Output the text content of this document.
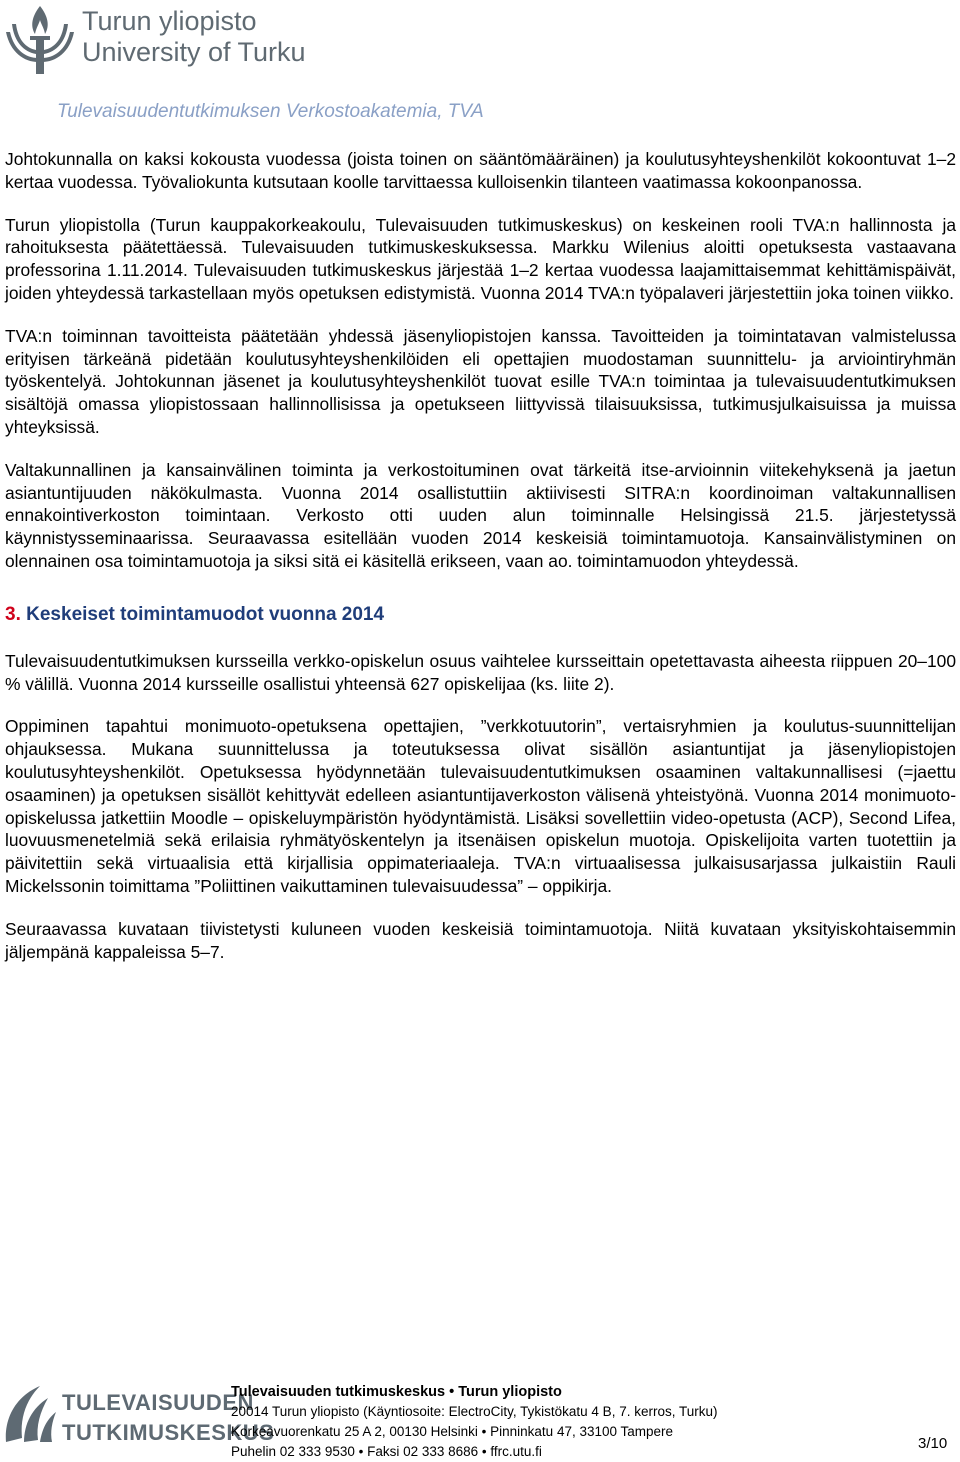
Turun yliopisto
University of Turku
Tulevaisuudentutkimuksen Verkostoakatemia, TVA

Johtokunnalla on kaksi kokousta vuodessa (joista toinen on sääntömääräinen) ja koulutusyhteyshenkilöt kokoontuvat 1–2 kertaa vuodessa. Työvaliokunta kutsutaan koolle tarvittaessa kulloisenkin tilanteen vaatimassa kokoonpanossa.

Turun yliopistolla (Turun kauppakorkeakoulu, Tulevaisuuden tutkimuskeskus) on keskeinen rooli TVA:n hallinnosta ja rahoituksesta päätettäessä. Tulevaisuuden tutkimuskeskuksessa. Markku Wilenius aloitti opetuksesta vastaavana professorina 1.11.2014. Tulevaisuuden tutkimuskeskus järjestää 1–2 kertaa vuodessa laajamittaisemmat kehittämispäivät, joiden yhteydessä tarkastellaan myös opetuksen edistymistä. Vuonna 2014 TVA:n työpalaveri järjestettiin joka toinen viikko.

TVA:n toiminnan tavoitteista päätetään yhdessä jäsenyliopistojen kanssa. Tavoitteiden ja toimintatavan valmistelussa erityisen tärkeänä pidetään koulutusyhteyshenkilöiden eli opettajien muodostaman suunnittelu- ja arviointiryhmän työskentelyä. Johtokunnan jäsenet ja koulutusyhteyshenkilöt tuovat esille TVA:n toimintaa ja tulevaisuudentutkimuksen sisältöjä omassa yliopistossaan hallinnollisissa ja opetukseen liittyvissä tilaisuuksissa, tutkimusjulkaisuissa ja muissa yhteyksissä.

Valtakunnallinen ja kansainvälinen toiminta ja verkostoituminen ovat tärkeitä itse-arvioinnin viitekehyksenä ja jaetun asiantuntijuuden näkökulmasta. Vuonna 2014 osallistuttiin aktiivisesti SITRA:n koordinoiman valtakunnallisen ennakointiverkoston toimintaan. Verkosto otti uuden alun toiminnalle Helsingissä 21.5. järjestetyssä käynnistysseminaarissa. Seuraavassa esitellään vuoden 2014 keskeisiä toimintamuotoja. Kansainvälistyminen on olennainen osa toimintamuotoja ja siksi sitä ei käsitellä erikseen, vaan ao. toimintamuodon yhteydessä.

3. Keskeiset toimintamuodot vuonna 2014

Tulevaisuudentutkimuksen kursseilla verkko-opiskelun osuus vaihtelee kursseittain opetettavasta aiheesta riippuen 20–100 % välillä. Vuonna 2014 kursseille osallistui yhteensä 627 opiskelijaa (ks. liite 2).

Oppiminen tapahtui monimuoto-opetuksena opettajien, ”verkkotuutorin”, vertaisryhmien ja koulutus-suunnittelijan ohjauksessa. Mukana suunnittelussa ja toteutuksessa olivat sisällön asiantuntijat ja jäsenyliopistojen koulutusyhteyshenkilöt. Opetuksessa hyödynnetään tulevaisuudentutkimuksen osaaminen valtakunnallisesi (=jaettu osaaminen) ja opetuksen sisällöt kehittyvät edelleen asiantuntijaverkoston välisenä yhteistyönä. Vuonna 2014 monimuoto-opiskelussa jatkettiin Moodle – opiskeluympäristön hyödyntämistä. Lisäksi sovellettiin video-opetusta (ACP), Second Lifea, luovuusmenetelmiä sekä erilaisia ryhmätyöskentelyn ja itsenäisen opiskelun muotoja. Opiskelijoita varten tuotettiin ja päivitettiin sekä virtuaalisia että kirjallisia oppimateriaaleja. TVA:n virtuaalisessa julkaisusarjassa julkaistiin Rauli Mickelssonin toimittama ”Poliittinen vaikuttaminen tulevaisuudessa” – oppikirja.

Seuraavassa kuvataan tiivistetysti kuluneen vuoden keskeisiä toimintamuotoja. Niitä kuvataan yksityiskohtaisemmin jäljempänä kappaleissa 5–7.

TULEVAISUUDEN
TUTKIMUSKESKUS
Tulevaisuuden tutkimuskeskus • Turun yliopisto
20014 Turun yliopisto (Käyntiosoite: ElectroCity, Tykistökatu 4 B, 7. kerros, Turku)
Korkeavuorenkatu 25 A 2, 00130 Helsinki • Pinninkatu 47, 33100 Tampere
Puhelin 02 333 9530 • Faksi 02 333 8686 • ffrc.utu.fi	3/10
